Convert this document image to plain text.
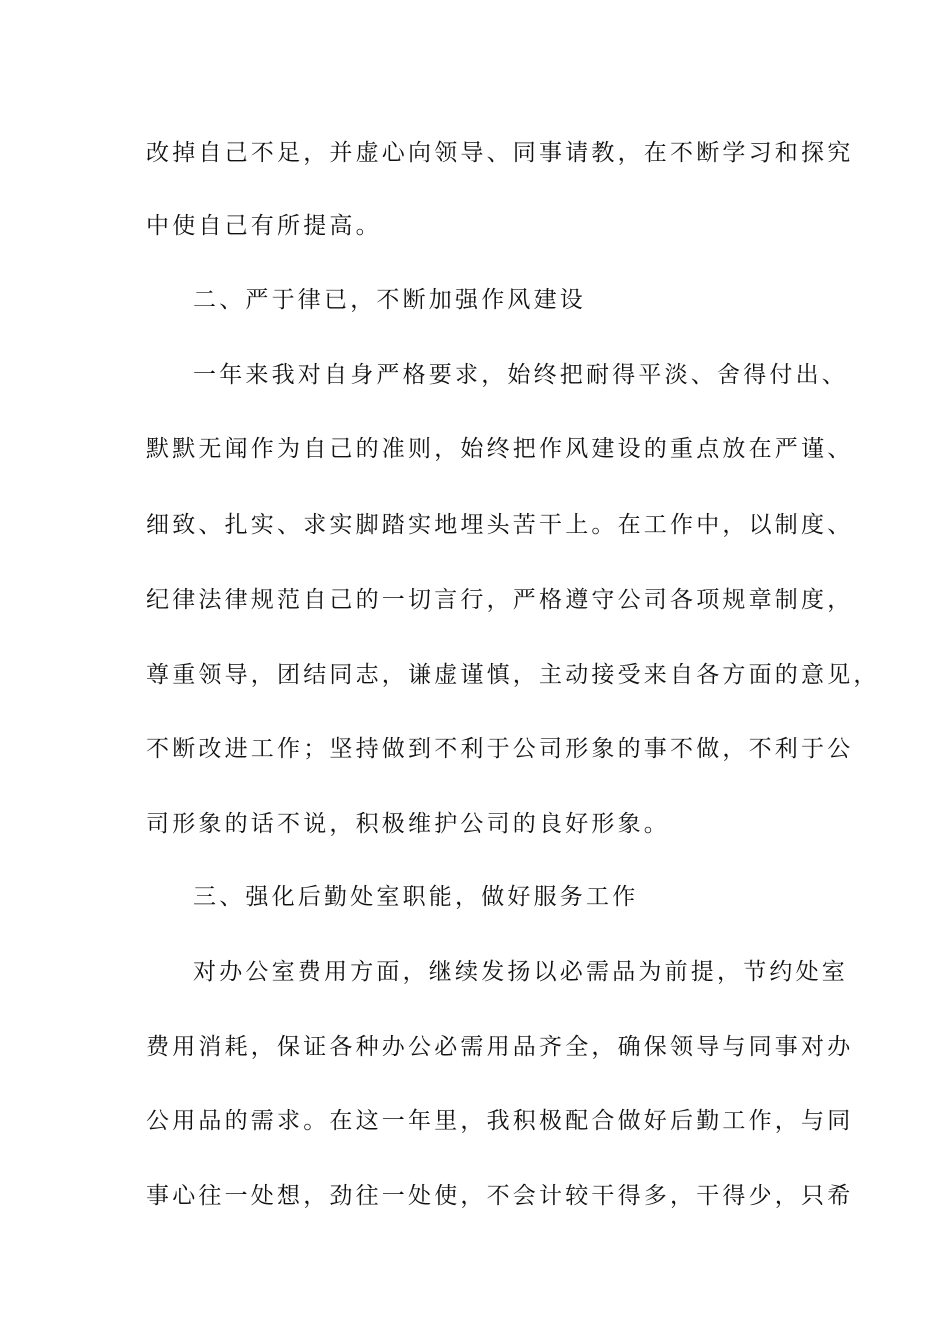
改掉自己不足，并虚心向领导、同事请教，在不断学习和探究
中使自己有所提高。
二、严于律已，不断加强作风建设
一年来我对自身严格要求，始终把耐得平淡、舍得付出、
默默无闻作为自己的准则，始终把作风建设的重点放在严谨、
细致、扎实、求实脚踏实地埋头苦干上。在工作中，以制度、
纪律法律规范自己的一切言行，严格遵守公司各项规章制度，
尊重领导，团结同志，谦虚谨慎，主动接受来自各方面的意见，
不断改进工作；坚持做到不利于公司形象的事不做，不利于公
司形象的话不说，积极维护公司的良好形象。
三、强化后勤处室职能，做好服务工作
对办公室费用方面，继续发扬以必需品为前提，节约处室
费用消耗，保证各种办公必需用品齐全，确保领导与同事对办
公用品的需求。在这一年里，我积极配合做好后勤工作，与同
事心往一处想，劲往一处使，不会计较干得多，干得少，只希
